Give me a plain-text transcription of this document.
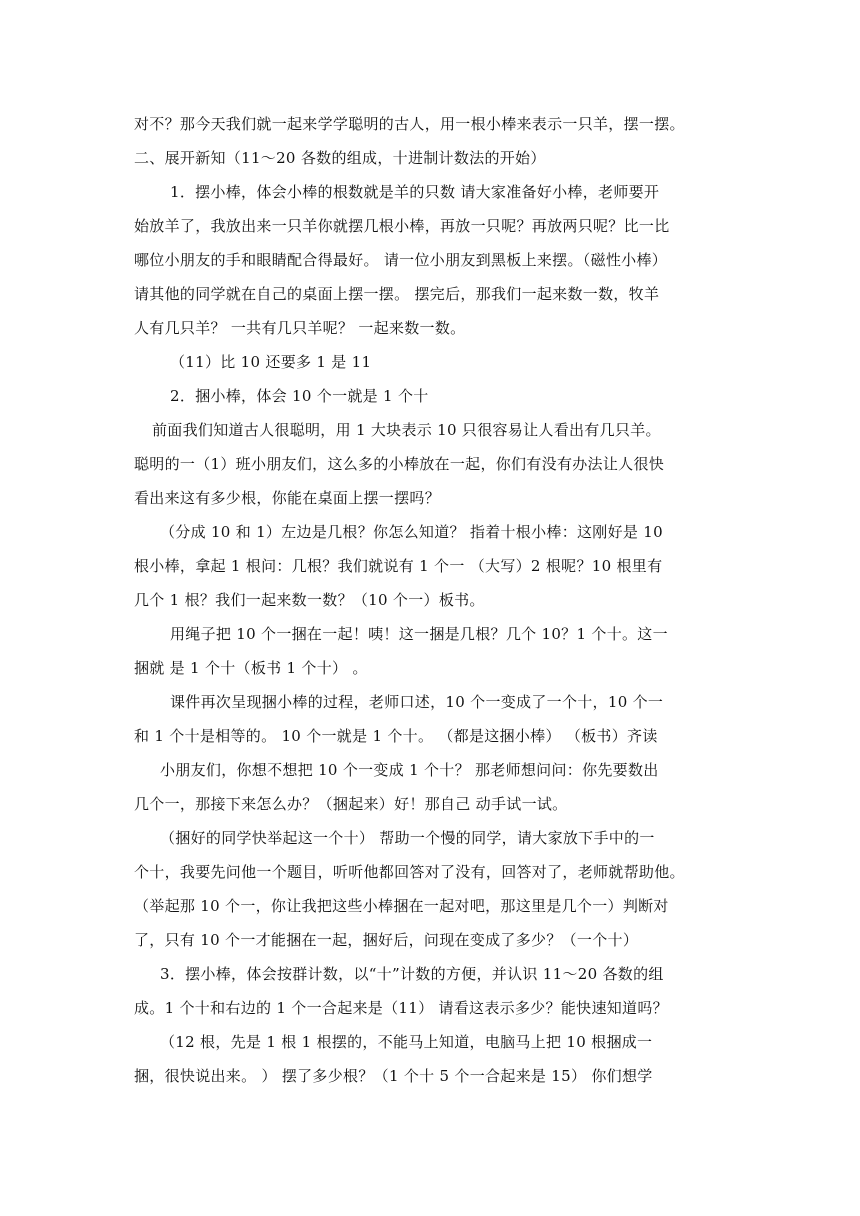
对不？那今天我们就一起来学学聪明的古人，用一根小棒来表示一只羊，摆一摆。

二、展开新知（11～20 各数的组成，十进制计数法的开始）

1．摆小棒，体会小棒的根数就是羊的只数 请大家准备好小棒，老师要开

始放羊了，我放出来一只羊你就摆几根小棒，再放一只呢？再放两只呢？比一比

哪位小朋友的手和眼睛配合得最好。 请一位小朋友到黑板上来摆。（磁性小棒）

请其他的同学就在自己的桌面上摆一摆。 摆完后，那我们一起来数一数，牧羊

人有几只羊？ 一共有几只羊呢？ 一起来数一数。

（11）比 10 还要多 1 是 11

2．捆小棒，体会 10 个一就是 1 个十

前面我们知道古人很聪明，用 1 大块表示 10 只很容易让人看出有几只羊。

聪明的一（1）班小朋友们，这么多的小棒放在一起，你们有没有办法让人很快

看出来这有多少根，你能在桌面上摆一摆吗？

（分成 10 和 1）左边是几根？你怎么知道？ 指着十根小棒：这刚好是 10

根小棒，拿起 1 根问：几根？我们就说有 1 个一 （大写）2 根呢？10 根里有

几个 1 根？我们一起来数一数？（10 个一）板书。

用绳子把 10 个一捆在一起！咦！这一捆是几根？几个 10？1 个十。这一

捆就 是 1 个十（板书 1 个十） 。

课件再次呈现捆小棒的过程，老师口述，10 个一变成了一个十，10 个一

和 1 个十是相等的。 10 个一就是 1 个十。 （都是这捆小棒） （板书）齐读

小朋友们，你想不想把 10 个一变成 1 个十？ 那老师想问问：你先要数出

几个一，那接下来怎么办？（捆起来）好！那自己 动手试一试。

（捆好的同学快举起这一个十） 帮助一个慢的同学，请大家放下手中的一

个十，我要先问他一个题目，听听他都回答对了没有，回答对了，老师就帮助他。

（举起那 10 个一，你让我把这些小棒捆在一起对吧，那这里是几个一）判断对

了，只有 10 个一才能捆在一起，捆好后，问现在变成了多少？（一个十）

3．摆小棒，体会按群计数，以“十”计数的方便，并认识 11～20 各数的组

成。1 个十和右边的 1 个一合起来是（11） 请看这表示多少？能快速知道吗？

（12 根，先是 1 根 1 根摆的，不能马上知道，电脑马上把 10 根捆成一

捆，很快说出来。 ） 摆了多少根？（1 个十 5 个一合起来是 15） 你们想学
